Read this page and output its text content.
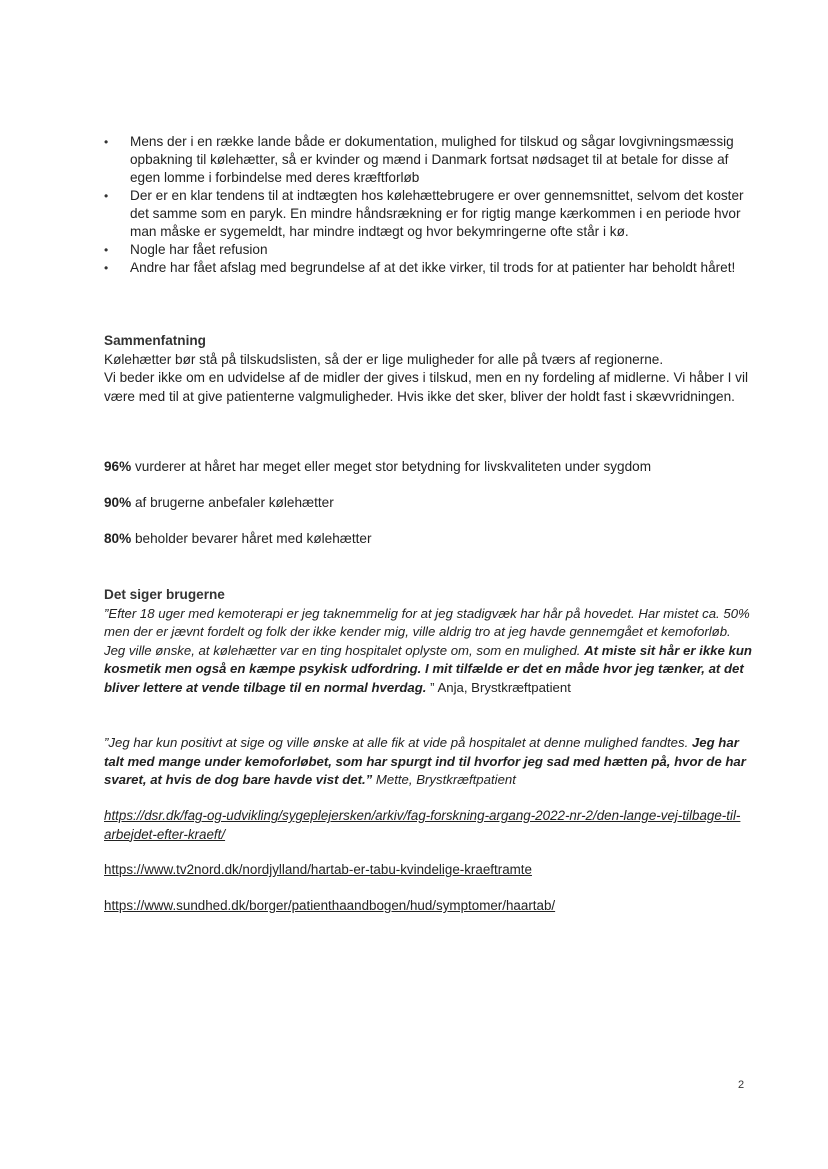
• Mens der i en række lande både er dokumentation, mulighed for tilskud og sågar lovgivningsmæssig opbakning til kølehætter, så er kvinder og mænd i Danmark fortsat nødsaget til at betale for disse af egen lomme i forbindelse med deres kræftforløb
• Der er en klar tendens til at indtægten hos kølehættebrugere er over gennemsnittet, selvom det koster det samme som en paryk. En mindre håndsrækning er for rigtig mange kærkommen i en periode hvor man måske er sygemeldt, har mindre indtægt og hvor bekymringerne ofte står i kø.
• Nogle har fået refusion
• Andre har fået afslag med begrundelse af at det ikke virker, til trods for at patienter har beholdt håret!
Sammenfatning

Kølehætter bør stå på tilskudslisten, så der er lige muligheder for alle på tværs af regionerne.

Vi beder ikke om en udvidelse af de midler der gives i tilskud, men en ny fordeling af midlerne. Vi håber I vil være med til at give patienterne valgmuligheder. Hvis ikke det sker, bliver der holdt fast i skævvridningen.

96% vurderer at håret har meget eller meget stor betydning for livskvaliteten under sygdom
90% af brugerne anbefaler kølehætter
80% beholder bevarer håret med kølehætter
Det siger brugerne

”Efter 18 uger med kemoterapi er jeg taknemmelig for at jeg stadigvæk har hår på hovedet. Har mistet ca. 50% men der er jævnt fordelt og folk der ikke kender mig, ville aldrig tro at jeg havde gennemgået et kemoforløb. Jeg ville ønske, at kølehætter var en ting hospitalet oplyste om, som en mulighed. At miste sit hår er ikke kun kosmetik men også en kæmpe psykisk udfordring. I mit tilfælde er det en måde hvor jeg tænker, at det bliver lettere at vende tilbage til en normal hverdag. ” Anja, Brystkræftpatient

”Jeg har kun positivt at sige og ville ønske at alle fik at vide på hospitalet at denne mulighed fandtes. Jeg har talt med mange under kemoforløbet, som har spurgt ind til hvorfor jeg sad med hætten på, hvor de har svaret, at hvis de dog bare havde vist det.” Mette, Brystkræftpatient

https://dsr.dk/fag-og-udvikling/sygeplejersken/arkiv/fag-forskning-argang-2022-nr-2/den-lange-vej-tilbage-til-arbejdet-efter-kraeft/
https://www.tv2nord.dk/nordjylland/hartab-er-tabu-kvindelige-kraeftramte
https://www.sundhed.dk/borger/patienthaandbogen/hud/symptomer/haartab/
2
